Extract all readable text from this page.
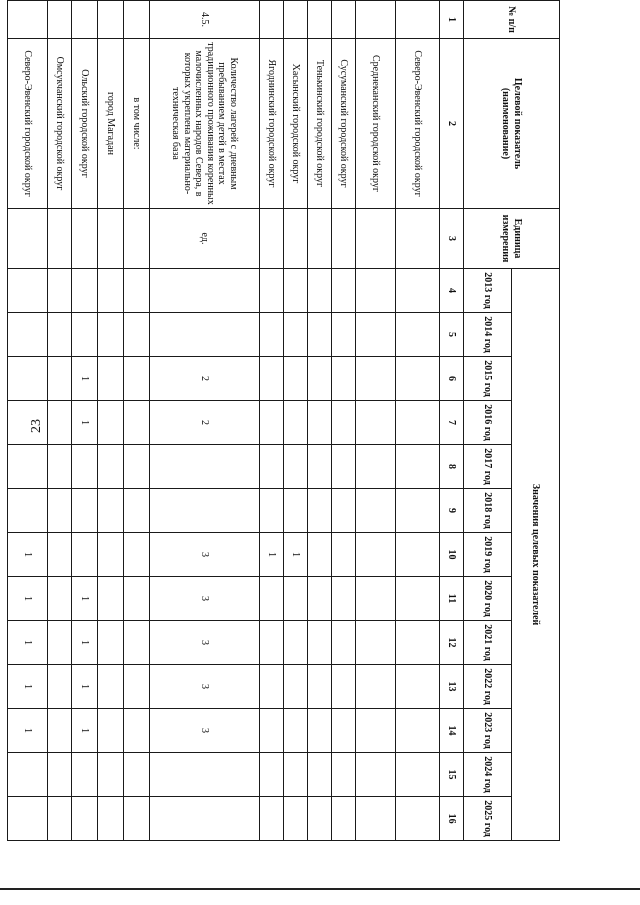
23
№ п/п	Целевой показатель (наименование)	Единица измерения	Значения целевых показателей												
			2013 год	2014 год	2015 год	2016 год	2017 год	2018 год	2019 год	2020 год	2021 год	2022 год	2023 год	2024 год	2025 год
1	2	3	4	5	6	7	8	9	10	11	12	13	14	15	16
	Северо-Эвенский городской округ														
	Среднеканский городской округ														
	Сусуманский городской округ														
	Тенькинский городской округ														
	Хасынский городской округ								1						
	Ягоднинский городской округ								1						
4.5.	Количество лагерей с дневным пребыванием детей в местах традиционного проживания коренных малочисленных народов Севера, в которых укреплена материально-техническая база	ед.			2	2			3	3	3	3	3		
	в том числе:														
	город Магадан														
	Ольский городской округ				1	1				1	1	1	1		
	Омсукчанский городской округ														
	Северо-Эвенский городской округ								1	1	1	1	1		
